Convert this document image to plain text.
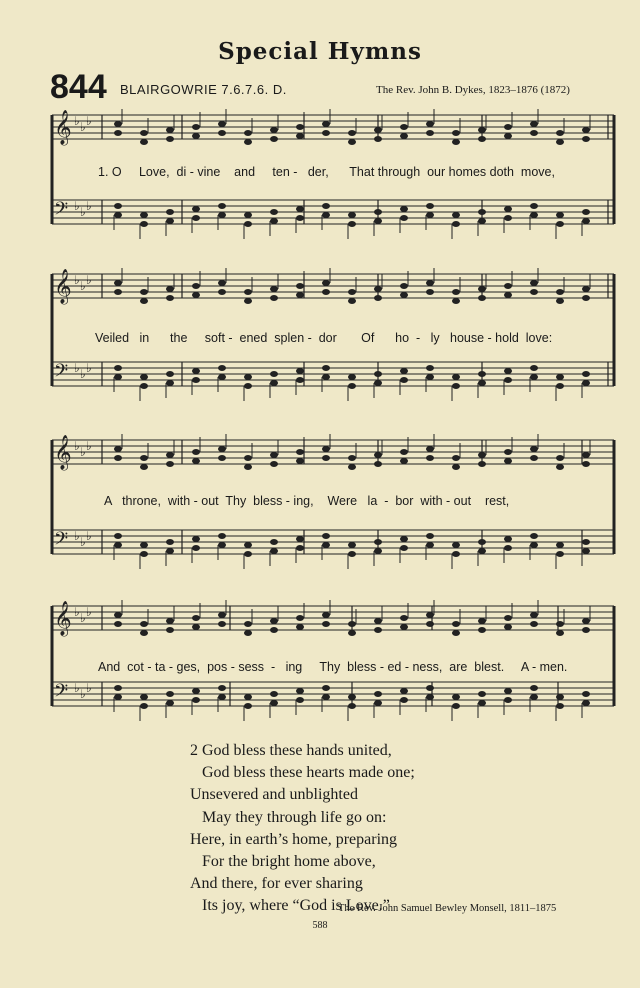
Special Hymns
844 BLAIRGOWRIE 7.6.7.6. D.	The Rev. John B. Dykes, 1823–1876 (1872)
𝄞 ♭ ♭ ♭
𝄢 ♭ ♭ ♭
1. O     Love,  di - vine    and     ten -   der,      That through  our homes doth  move,
𝄞 ♭ ♭ ♭
𝄢 ♭ ♭ ♭
Veiled   in      the     soft -  ened  splen -  dor       Of      ho  -   ly   house - hold  love:
𝄞 ♭ ♭ ♭
𝄢 ♭ ♭ ♭
A   throne,  with - out  Thy  bless - ing,    Were   la  -  bor  with - out    rest,
𝄞 ♭ ♭ ♭
𝄢 ♭ ♭ ♭
And  cot - ta - ges,  pos - sess  -   ing     Thy  bless - ed - ness,  are  blest.     A - men.
2 God bless these hands united,
God bless these hearts made one;
Unsevered and unblighted
May they through life go on:
Here, in earth’s home, preparing
For the bright home above,
And there, for ever sharing
Its joy, where “God is Love.”
The Rev. John Samuel Bewley Monsell, 1811–1875
588
